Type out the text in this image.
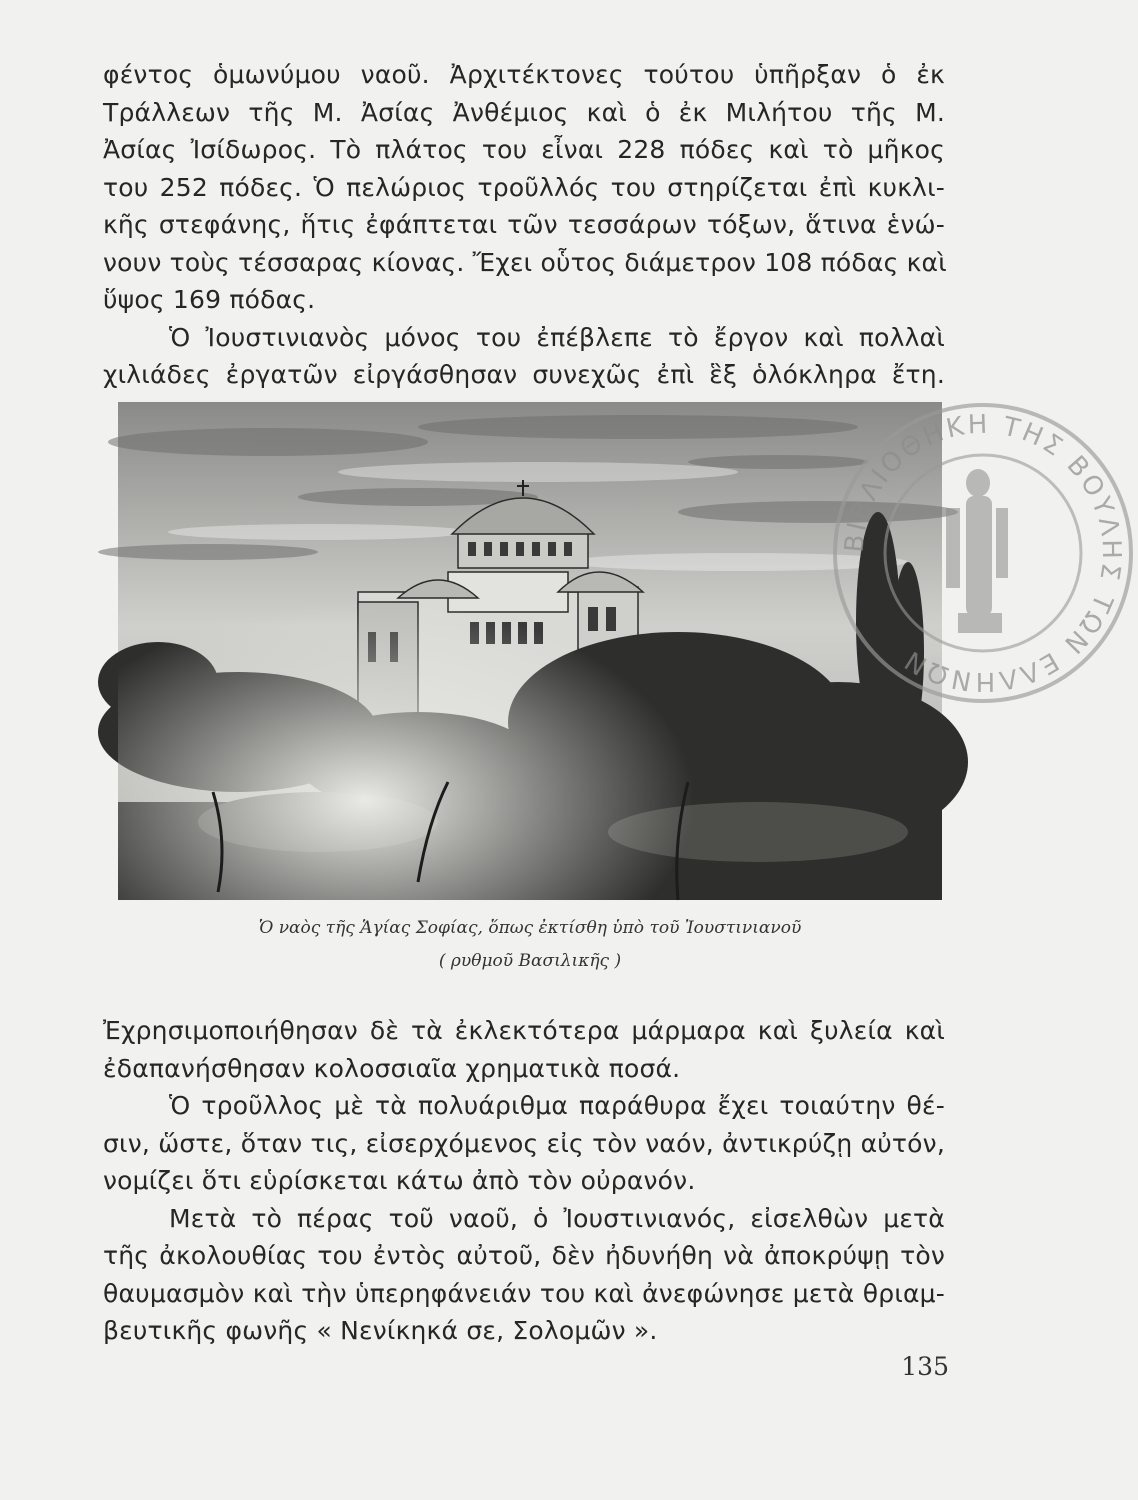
φέντος ὁμωνύμου ναοῦ. Ἀρχιτέκτονες τούτου ὑπῆρξαν ὁ ἐκ
Τράλλεων τῆς Μ. Ἀσίας Ἀνθέμιος καὶ ὁ ἐκ Μιλήτου τῆς Μ.
Ἀσίας Ἰσίδωρος. Τὸ πλάτος του εἶναι 228 πόδες καὶ τὸ μῆκος
του 252 πόδες. Ὁ πελώριος τροῦλλός του στηρίζεται ἐπὶ κυκλι-
κῆς στεφάνης, ἥτις ἐφάπτεται τῶν τεσσάρων τόξων, ἅτινα ἑνώ-
νουν τοὺς τέσσαρας κίονας. Ἔχει οὗτος διάμετρον 108 πόδας καὶ
ὕψος 169 πόδας.
Ὁ Ἰουστινιανὸς μόνος του ἐπέβλεπε τὸ ἔργον καὶ πολλαὶ
χιλιάδες ἐργατῶν εἰργάσθησαν συνεχῶς ἐπὶ ἓξ ὁλόκληρα ἔτη.
ΒΙΒΛΙΟΘΗΚΗ ΤΗΣ ΒΟΥΛΗΣ ΤΩΝ ΕΛΛΗΝΩΝ
Ὁ ναὸς τῆς Ἁγίας Σοφίας, ὅπως ἐκτίσθη ὑπὸ τοῦ Ἰουστινιανοῦ
( ρυθμοῦ Βασιλικῆς )
Ἐχρησιμοποιήθησαν δὲ τὰ ἐκλεκτότερα μάρμαρα καὶ ξυλεία καὶ
ἐδαπανήσθησαν κολοσσιαῖα χρηματικὰ ποσά.
Ὁ τροῦλλος μὲ τὰ πολυάριθμα παράθυρα ἔχει τοιαύτην θέ-
σιν, ὥστε, ὅταν τις, εἰσερχόμενος εἰς τὸν ναόν, ἀντικρύζῃ αὐτόν,
νομίζει ὅτι εὑρίσκεται κάτω ἀπὸ τὸν οὐρανόν.
Μετὰ τὸ πέρας τοῦ ναοῦ, ὁ Ἰουστινιανός, εἰσελθὼν μετὰ
τῆς ἀκολουθίας του ἐντὸς αὐτοῦ, δὲν ἠδυνήθη νὰ ἀποκρύψῃ τὸν
θαυμασμὸν καὶ τὴν ὑπερηφάνειάν του καὶ ἀνεφώνησε μετὰ θριαμ-
βευτικῆς φωνῆς « Νενίκηκά σε, Σολομῶν ».
135
